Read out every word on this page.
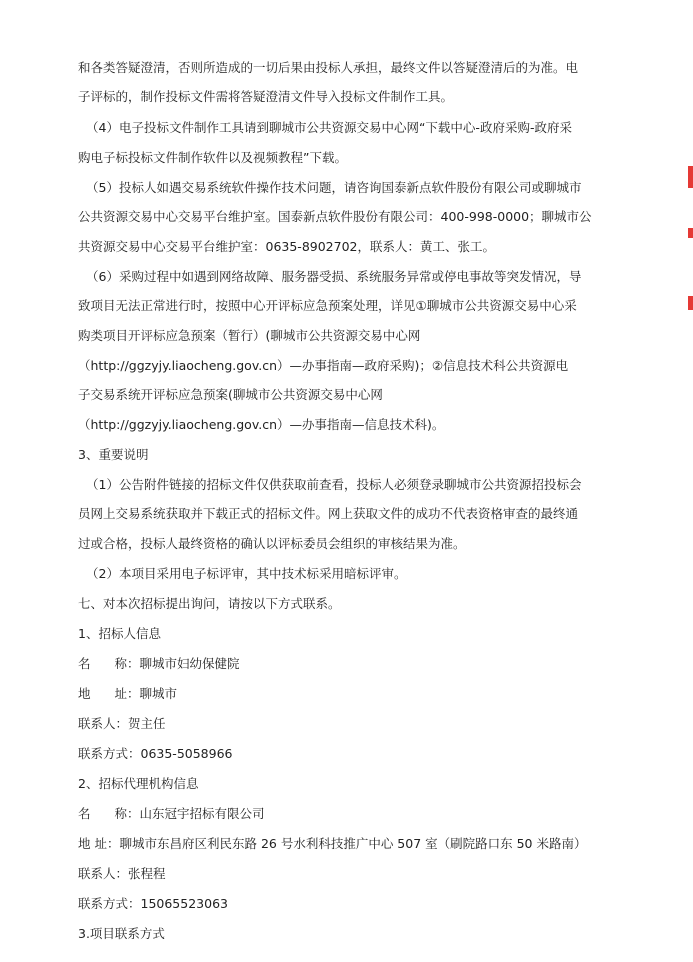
和各类答疑澄清，否则所造成的一切后果由投标人承担，最终文件以答疑澄清后的为准。电
子评标的，制作投标文件需将答疑澄清文件导入投标文件制作工具。
（4）电子投标文件制作工具请到聊城市公共资源交易中心网“下载中心-政府采购-政府采
购电子标投标文件制作软件以及视频教程”下载。
（5）投标人如遇交易系统软件操作技术问题，请咨询国泰新点软件股份有限公司或聊城市
公共资源交易中心交易平台维护室。国泰新点软件股份有限公司：400-998-0000；聊城市公
共资源交易中心交易平台维护室：0635-8902702，联系人：黄工、张工。
（6）采购过程中如遇到网络故障、服务器受损、系统服务异常或停电事故等突发情况，导
致项目无法正常进行时，按照中心开评标应急预案处理，详见①聊城市公共资源交易中心采
购类项目开评标应急预案（暂行）(聊城市公共资源交易中心网
（http://ggzyjy.liaocheng.gov.cn）—办事指南—政府采购)；②信息技术科公共资源电
子交易系统开评标应急预案(聊城市公共资源交易中心网
（http://ggzyjy.liaocheng.gov.cn）—办事指南—信息技术科)。
3、重要说明
（1）公告附件链接的招标文件仅供获取前查看，投标人必须登录聊城市公共资源招投标会
员网上交易系统获取并下载正式的招标文件。网上获取文件的成功不代表资格审查的最终通
过或合格，投标人最终资格的确认以评标委员会组织的审核结果为准。
（2）本项目采用电子标评审，其中技术标采用暗标评审。
七、对本次招标提出询问，请按以下方式联系。
1、招标人信息
名 称：聊城市妇幼保健院
地 址：聊城市
联系人：贺主任
联系方式：0635-5058966
2、招标代理机构信息
名 称：山东冠宇招标有限公司
地 址：聊城市东昌府区利民东路 26 号水利科技推广中心 507 室（刷院路口东 50 米路南）
联系人：张程程
联系方式：15065523063
3.项目联系方式
